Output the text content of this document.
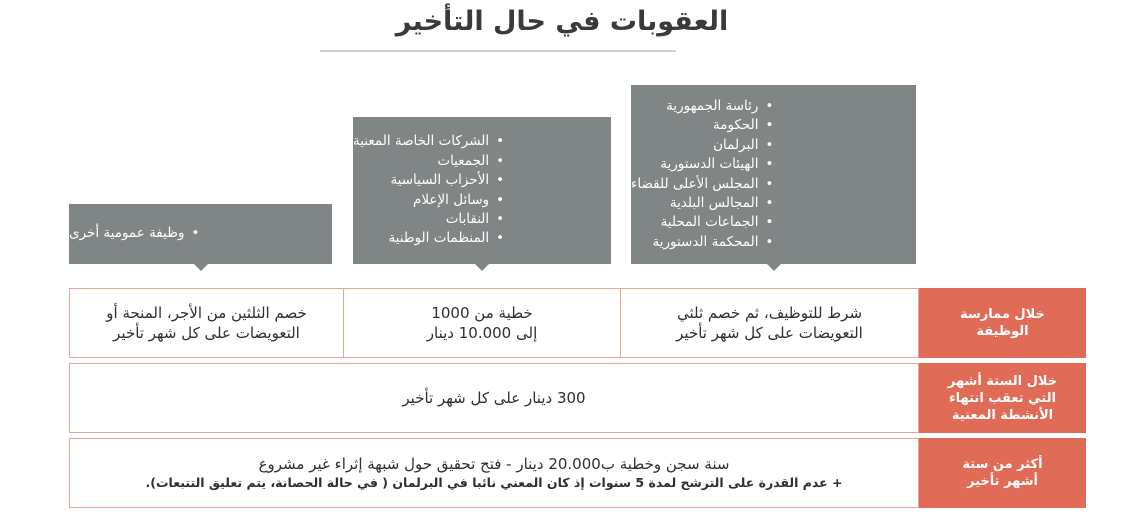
العقوبات في حال التأخير
• وظيفة عمومية أخرى
• الشركات الخاصة المعنية
• الجمعيات
• الأحزاب السياسية
• وسائل الإعلام
• النقابات
• المنظمات الوطنية
• رئاسة الجمهورية
• الحكومة
• البرلمان
• الهيئات الدستورية
• المجلس الأعلى للقضاء
• المجالس البلدية
• الجماعات المحلية
• المحكمة الدستورية
خلال ممارسة
الوظيفة
شرط للتوظيف، ثم خصم ثلثي
التعويضات على كل شهر تأخير
خطية من 1000
إلى 10.000 دينار
خصم الثلثين من الأجر، المنحة أو
التعويضات على كل شهر تأخير
خلال الستة أشهر
التي تعقب انتهاء
الأنشطة المعنية
300 دينار على كل شهر تأخير
أكثر من ستة
أشهر تأخير
سنة سجن وخطية ب20.000 دينار - فتح تحقيق حول شبهة إثراء غير مشروع
+ عدم القدرة على الترشح لمدة 5 سنوات إذ كان المعني نائبا في البرلمان ( في حالة الحصانة، يتم تعليق التتبعات).
